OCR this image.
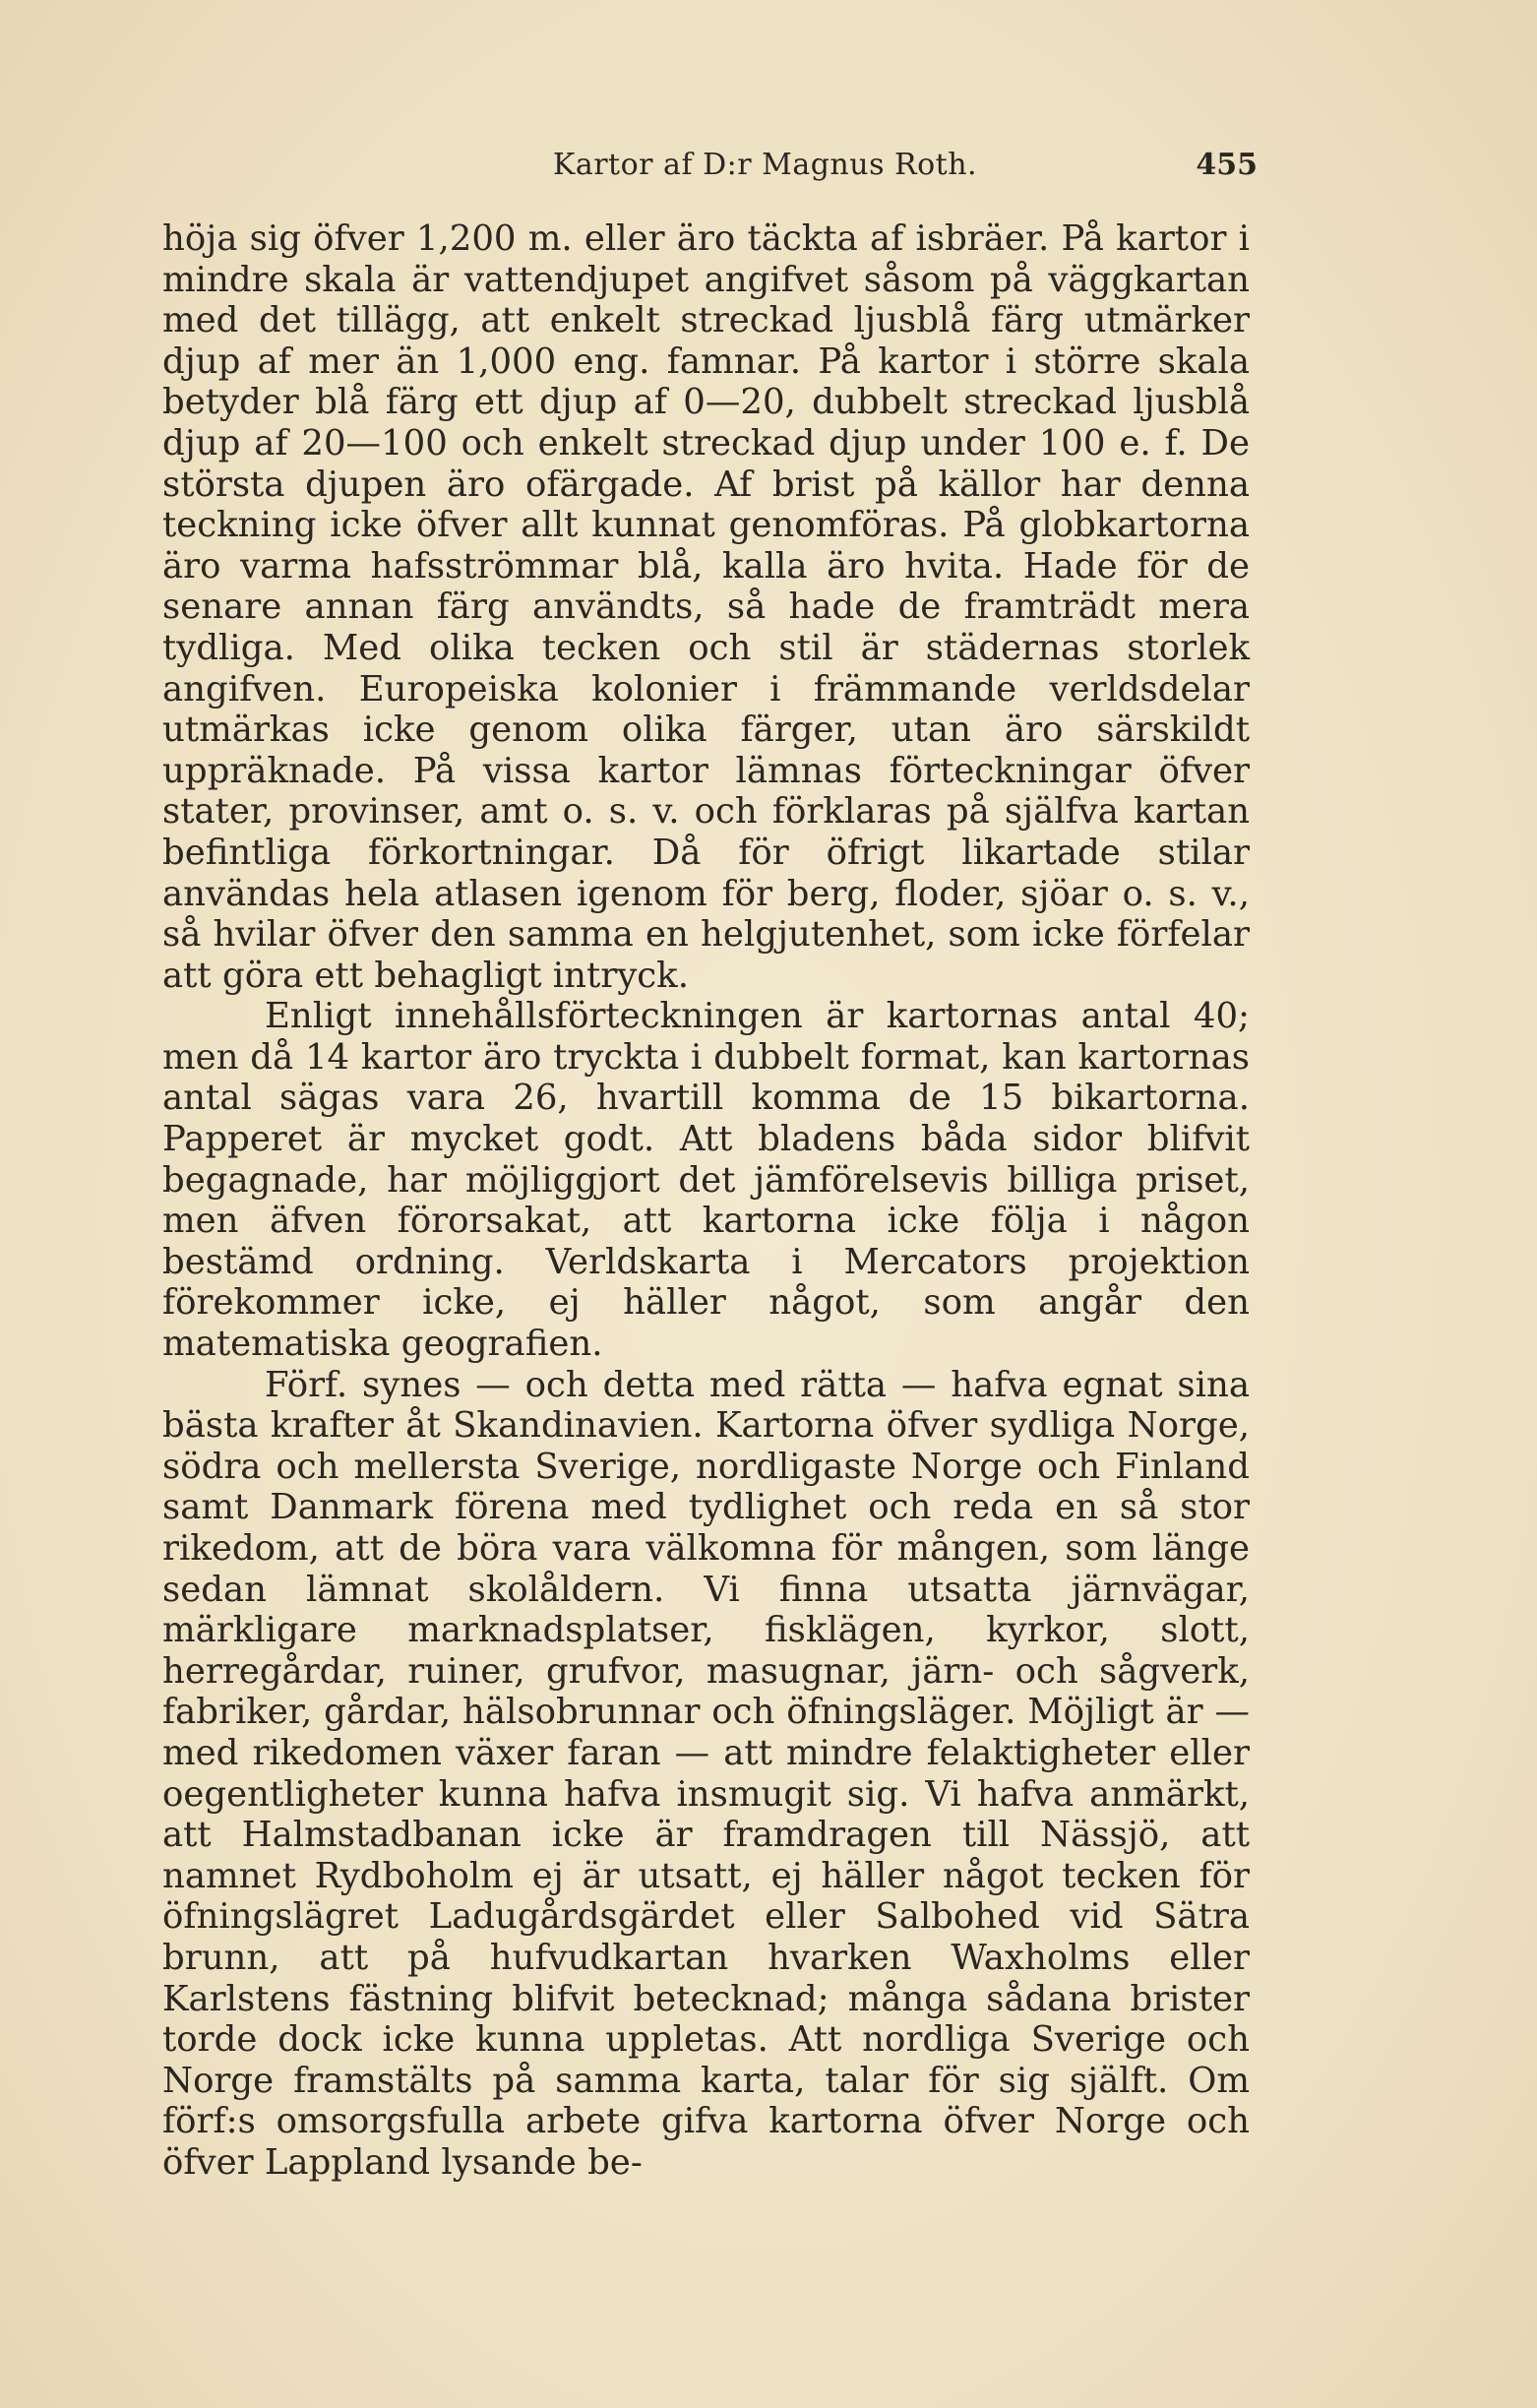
Kartor af D:r Magnus Roth.	455

höja sig öfver 1,200 m. eller äro täckta af isbräer. På kartor i mindre skala är vattendjupet angifvet såsom på väggkartan med det tillägg, att enkelt streckad ljusblå färg utmärker djup af mer än 1,000 eng. famnar. På kartor i större skala betyder blå färg ett djup af 0—20, dubbelt streckad ljusblå djup af 20—100 och enkelt streckad djup under 100 e. f. De största djupen äro ofärgade. Af brist på källor har denna teckning icke öfver allt kunnat genomföras. På globkartorna äro varma hafsströmmar blå, kalla äro hvita. Hade för de senare annan färg användts, så hade de framträdt mera tydliga. Med olika tecken och stil är städernas storlek angifven. Europeiska kolonier i främmande verldsdelar utmärkas icke genom olika färger, utan äro särskildt uppräknade. På vissa kartor lämnas förteckningar öfver stater, provinser, amt o. s. v. och förklaras på själfva kartan befintliga förkortningar. Då för öfrigt likartade stilar användas hela atlasen igenom för berg, floder, sjöar o. s. v., så hvilar öfver den samma en helgjutenhet, som icke förfelar att göra ett behagligt intryck.

Enligt innehållsförteckningen är kartornas antal 40; men då 14 kartor äro tryckta i dubbelt format, kan kartornas antal sägas vara 26, hvartill komma de 15 bikartorna. Papperet är mycket godt. Att bladens båda sidor blifvit begagnade, har möjliggjort det jämförelsevis billiga priset, men äfven förorsakat, att kartorna icke följa i någon bestämd ordning. Verldskarta i Mercators projektion förekommer icke, ej häller något, som angår den matematiska geografien.

Förf. synes — och detta med rätta — hafva egnat sina bästa krafter åt Skandinavien. Kartorna öfver sydliga Norge, södra och mellersta Sverige, nordligaste Norge och Finland samt Danmark förena med tydlighet och reda en så stor rikedom, att de böra vara välkomna för mången, som länge sedan lämnat skolåldern. Vi finna utsatta järnvägar, märkligare marknadsplatser, fisklägen, kyrkor, slott, herregårdar, ruiner, grufvor, masugnar, järn- och sågverk, fabriker, gårdar, hälsobrunnar och öfningsläger. Möjligt är — med rikedomen växer faran — att mindre felaktigheter eller oegentligheter kunna hafva insmugit sig. Vi hafva anmärkt, att Halmstadbanan icke är framdragen till Nässjö, att namnet Rydboholm ej är utsatt, ej häller något tecken för öfningslägret Ladugårdsgärdet eller Salbohed vid Sätra brunn, att på hufvudkartan hvarken Waxholms eller Karlstens fästning blifvit betecknad; många sådana brister torde dock icke kunna uppletas. Att nordliga Sverige och Norge framstälts på samma karta, talar för sig själft. Om förf:s omsorgsfulla arbete gifva kartorna öfver Norge och öfver Lappland lysande be-
